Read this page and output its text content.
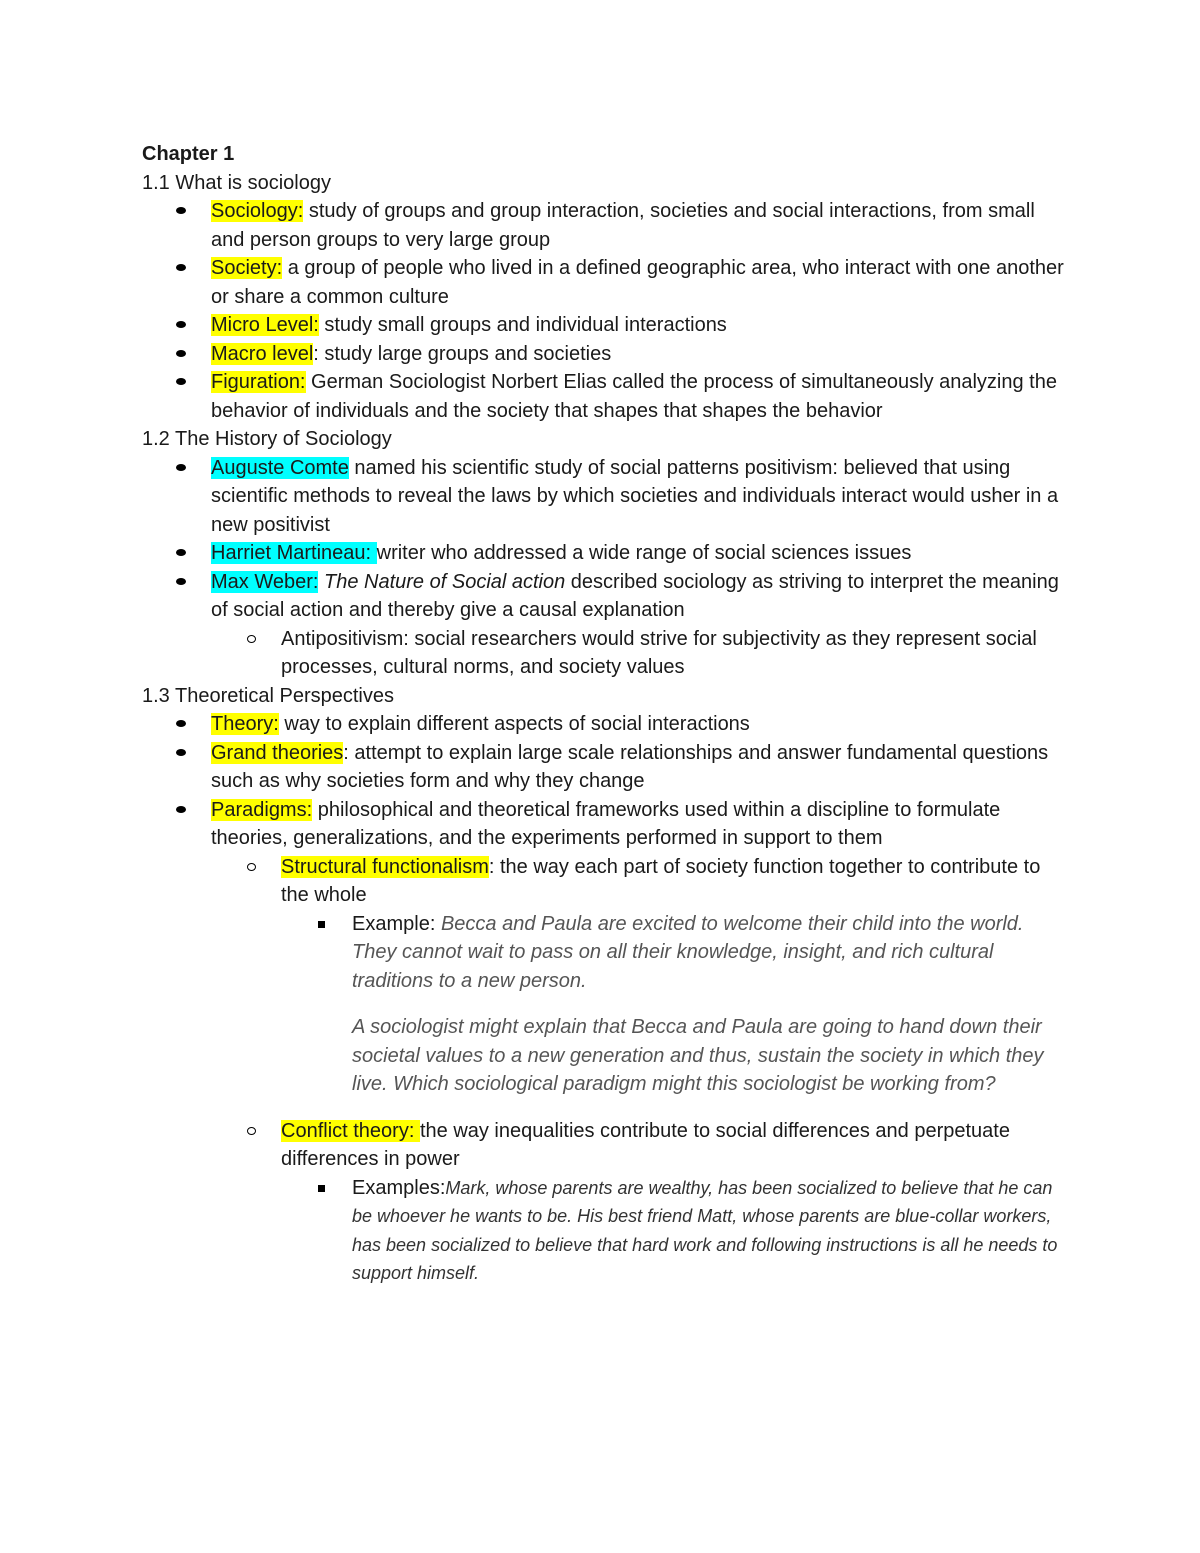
Chapter 1
1.1 What is sociology
Sociology: study of groups and group interaction, societies and social interactions, from small and person groups to very large group
Society: a group of people who lived in a defined geographic area, who interact with one another or share a common culture
Micro Level: study small groups and individual interactions
Macro level: study large groups and societies
Figuration: German Sociologist Norbert Elias called the process of simultaneously analyzing the behavior of individuals and the society that shapes that shapes the behavior
1.2 The History of Sociology
Auguste Comte named his scientific study of social patterns positivism: believed that using scientific methods to reveal the laws by which societies and individuals interact would usher in a new positivist
Harriet Martineau: writer who addressed a wide range of social sciences issues
Max Weber: The Nature of Social action described sociology as striving to interpret the meaning of social action and thereby give a causal explanation
Antipositivism: social researchers would strive for subjectivity as they represent social processes, cultural norms, and society values
1.3 Theoretical Perspectives
Theory: way to explain different aspects of social interactions
Grand theories: attempt to explain large scale relationships and answer fundamental questions such as why societies form and why they change
Paradigms: philosophical and theoretical frameworks used within a discipline to formulate theories, generalizations, and the experiments performed in support to them
Structural functionalism: the way each part of society function together to contribute to the whole
Example: Becca and Paula are excited to welcome their child into the world. They cannot wait to pass on all their knowledge, insight, and rich cultural traditions to a new person.
A sociologist might explain that Becca and Paula are going to hand down their societal values to a new generation and thus, sustain the society in which they live. Which sociological paradigm might this sociologist be working from?
Conflict theory: the way inequalities contribute to social differences and perpetuate differences in power
Examples:Mark, whose parents are wealthy, has been socialized to believe that he can be whoever he wants to be. His best friend Matt, whose parents are blue-collar workers, has been socialized to believe that hard work and following instructions is all he needs to support himself.
